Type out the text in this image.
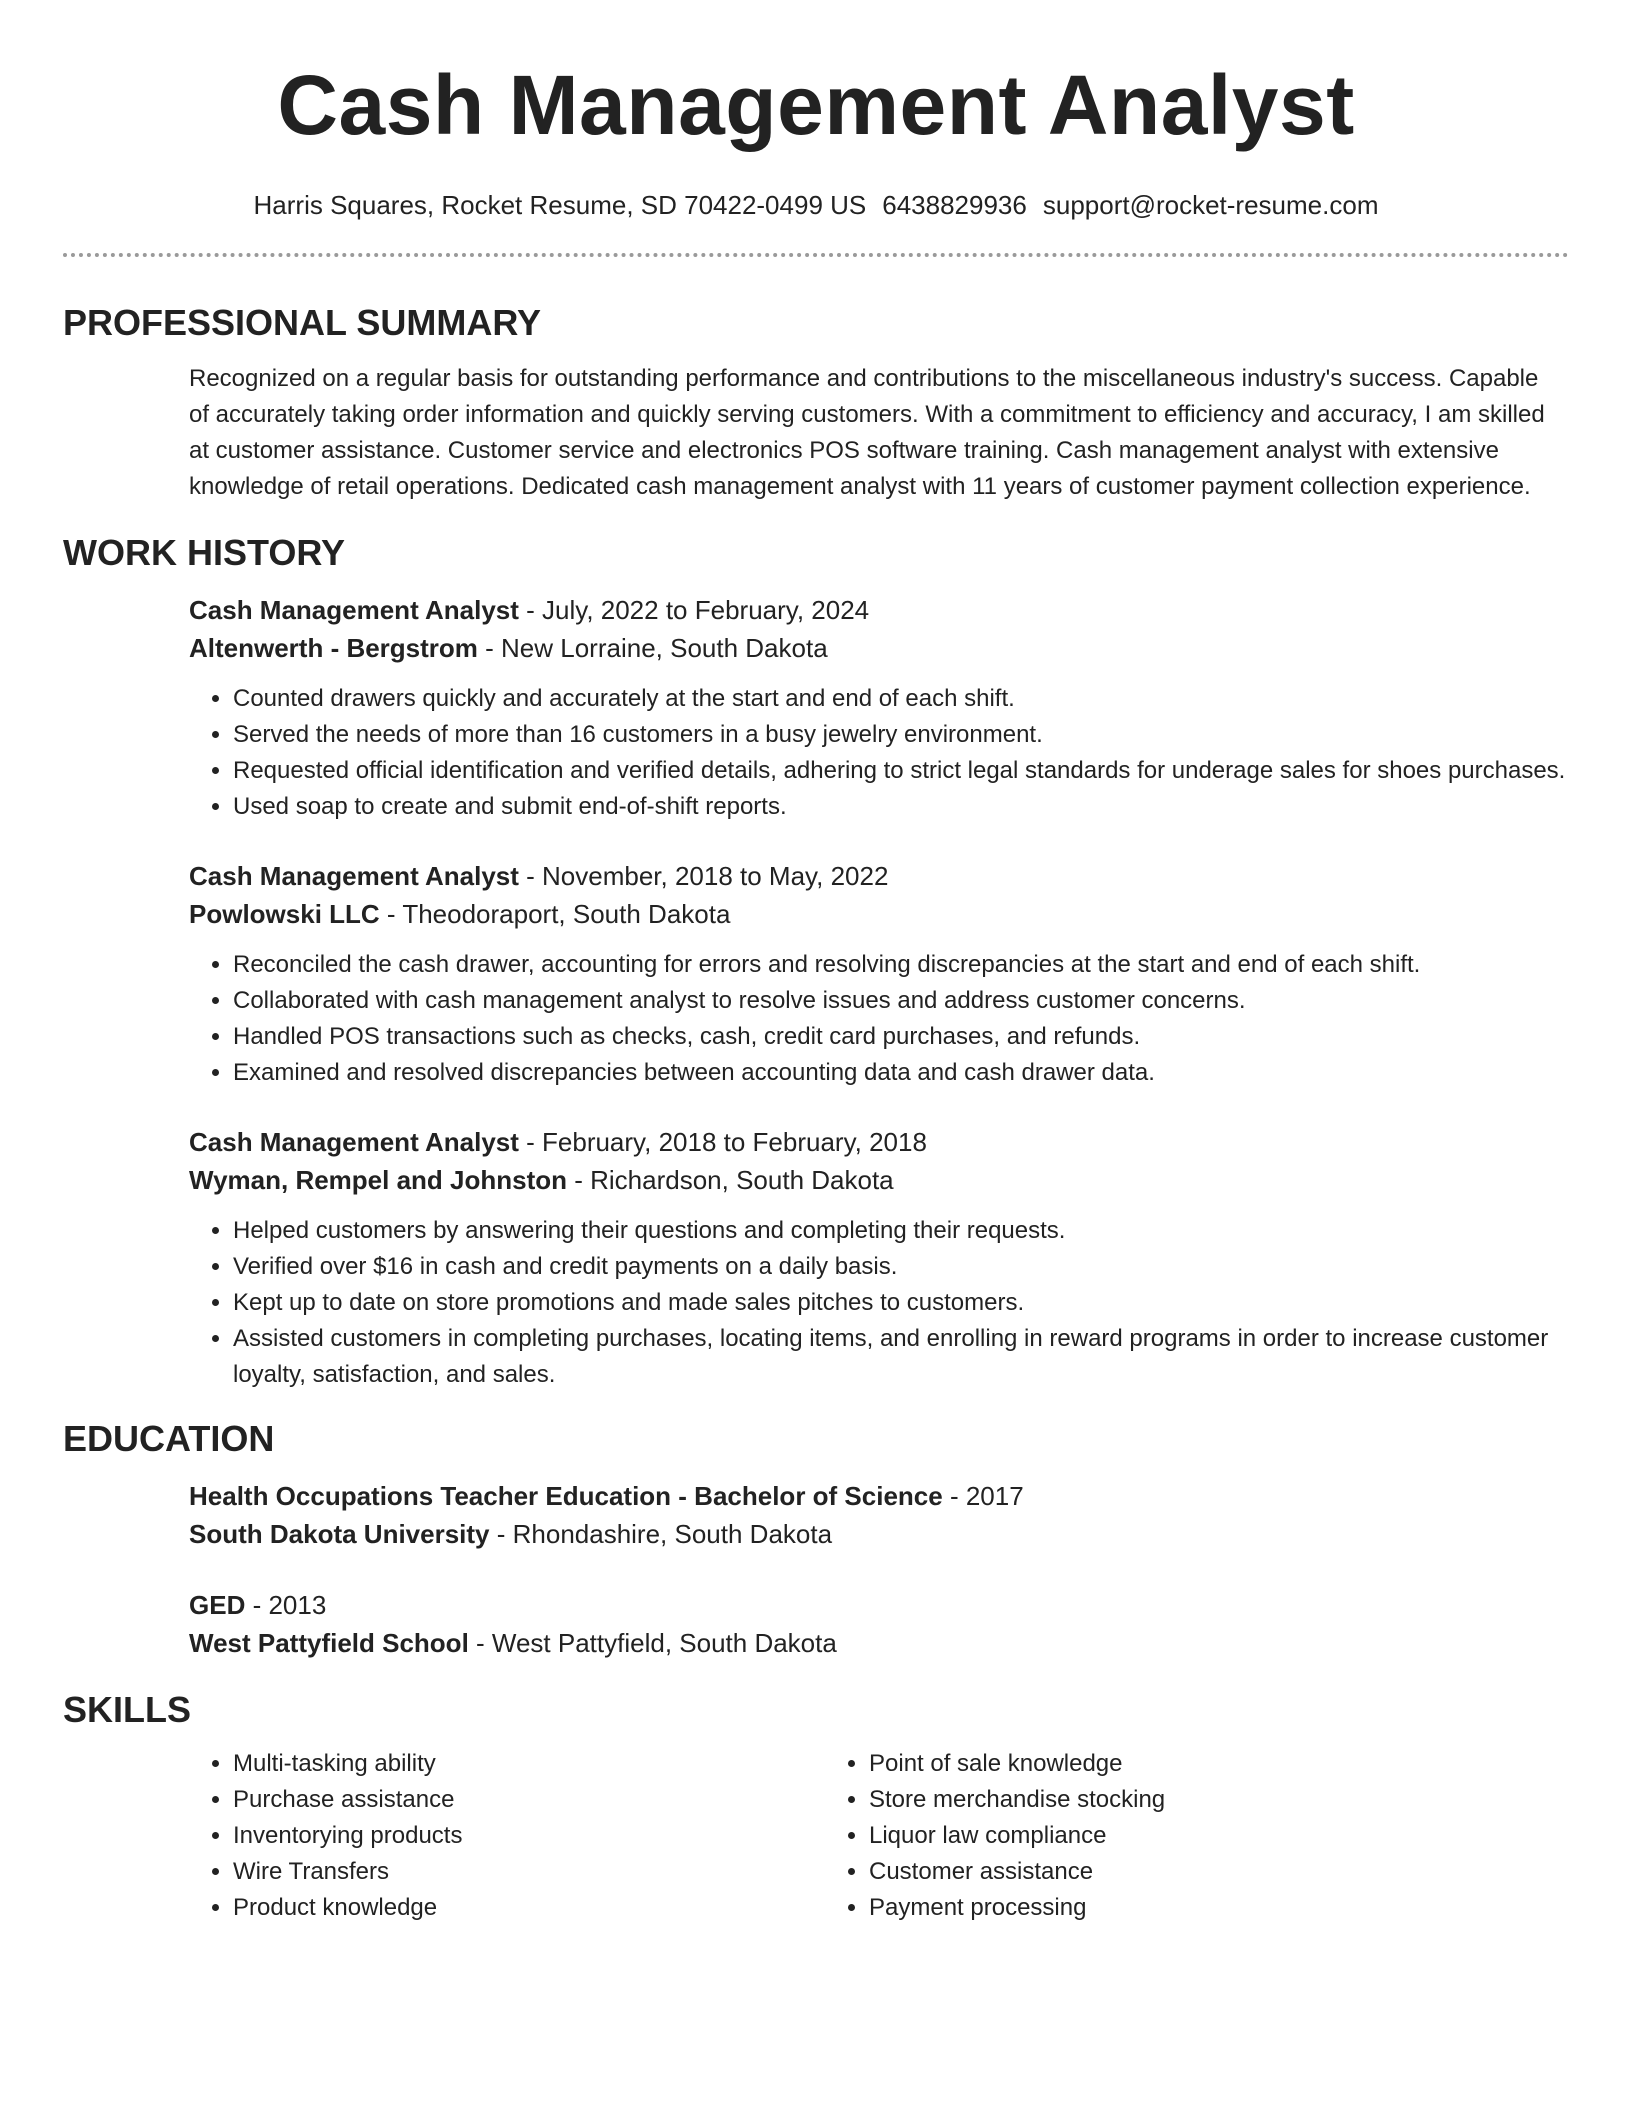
Cash Management Analyst
Harris Squares, Rocket Resume, SD 70422-0499 US 6438829936 support@rocket-resume.com
PROFESSIONAL SUMMARY

Recognized on a regular basis for outstanding performance and contributions to the miscellaneous industry's success. Capable of accurately taking order information and quickly serving customers. With a commitment to efficiency and accuracy, I am skilled at customer assistance. Customer service and electronics POS software training. Cash management analyst with extensive knowledge of retail operations. Dedicated cash management analyst with 11 years of customer payment collection experience.

WORK HISTORY

Cash Management Analyst - July, 2022 to February, 2024

Altenwerth - Bergstrom - New Lorraine, South Dakota

• Counted drawers quickly and accurately at the start and end of each shift.
• Served the needs of more than 16 customers in a busy jewelry environment.
• Requested official identification and verified details, adhering to strict legal standards for underage sales for shoes purchases.
• Used soap to create and submit end-of-shift reports.

Cash Management Analyst - November, 2018 to May, 2022

Powlowski LLC - Theodoraport, South Dakota

• Reconciled the cash drawer, accounting for errors and resolving discrepancies at the start and end of each shift.
• Collaborated with cash management analyst to resolve issues and address customer concerns.
• Handled POS transactions such as checks, cash, credit card purchases, and refunds.
• Examined and resolved discrepancies between accounting data and cash drawer data.

Cash Management Analyst - February, 2018 to February, 2018

Wyman, Rempel and Johnston - Richardson, South Dakota

• Helped customers by answering their questions and completing their requests.
• Verified over $16 in cash and credit payments on a daily basis.
• Kept up to date on store promotions and made sales pitches to customers.
• Assisted customers in completing purchases, locating items, and enrolling in reward programs in order to increase customer loyalty, satisfaction, and sales.
EDUCATION

Health Occupations Teacher Education - Bachelor of Science - 2017

South Dakota University - Rhondashire, South Dakota

GED - 2013

West Pattyfield School - West Pattyfield, South Dakota

SKILLS
• Multi-tasking ability
• Purchase assistance
• Inventorying products
• Wire Transfers
• Product knowledge
• Point of sale knowledge
• Store merchandise stocking
• Liquor law compliance
• Customer assistance
• Payment processing
